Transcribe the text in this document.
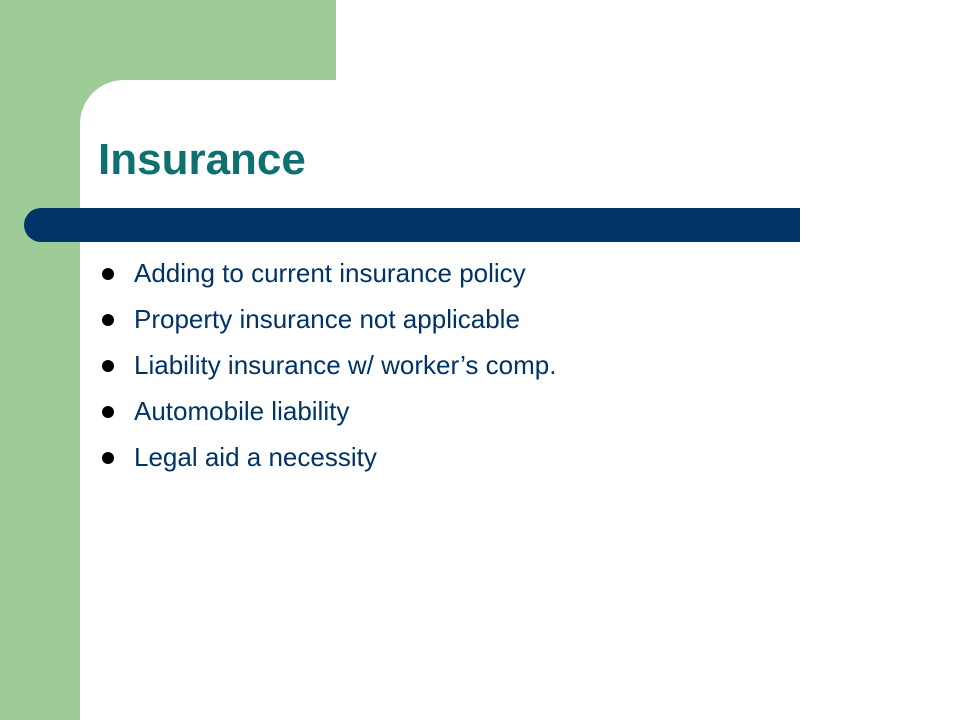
Insurance
Adding to current insurance policy
Property insurance not applicable
Liability insurance w/ worker’s comp.
Automobile liability
Legal aid a necessity
